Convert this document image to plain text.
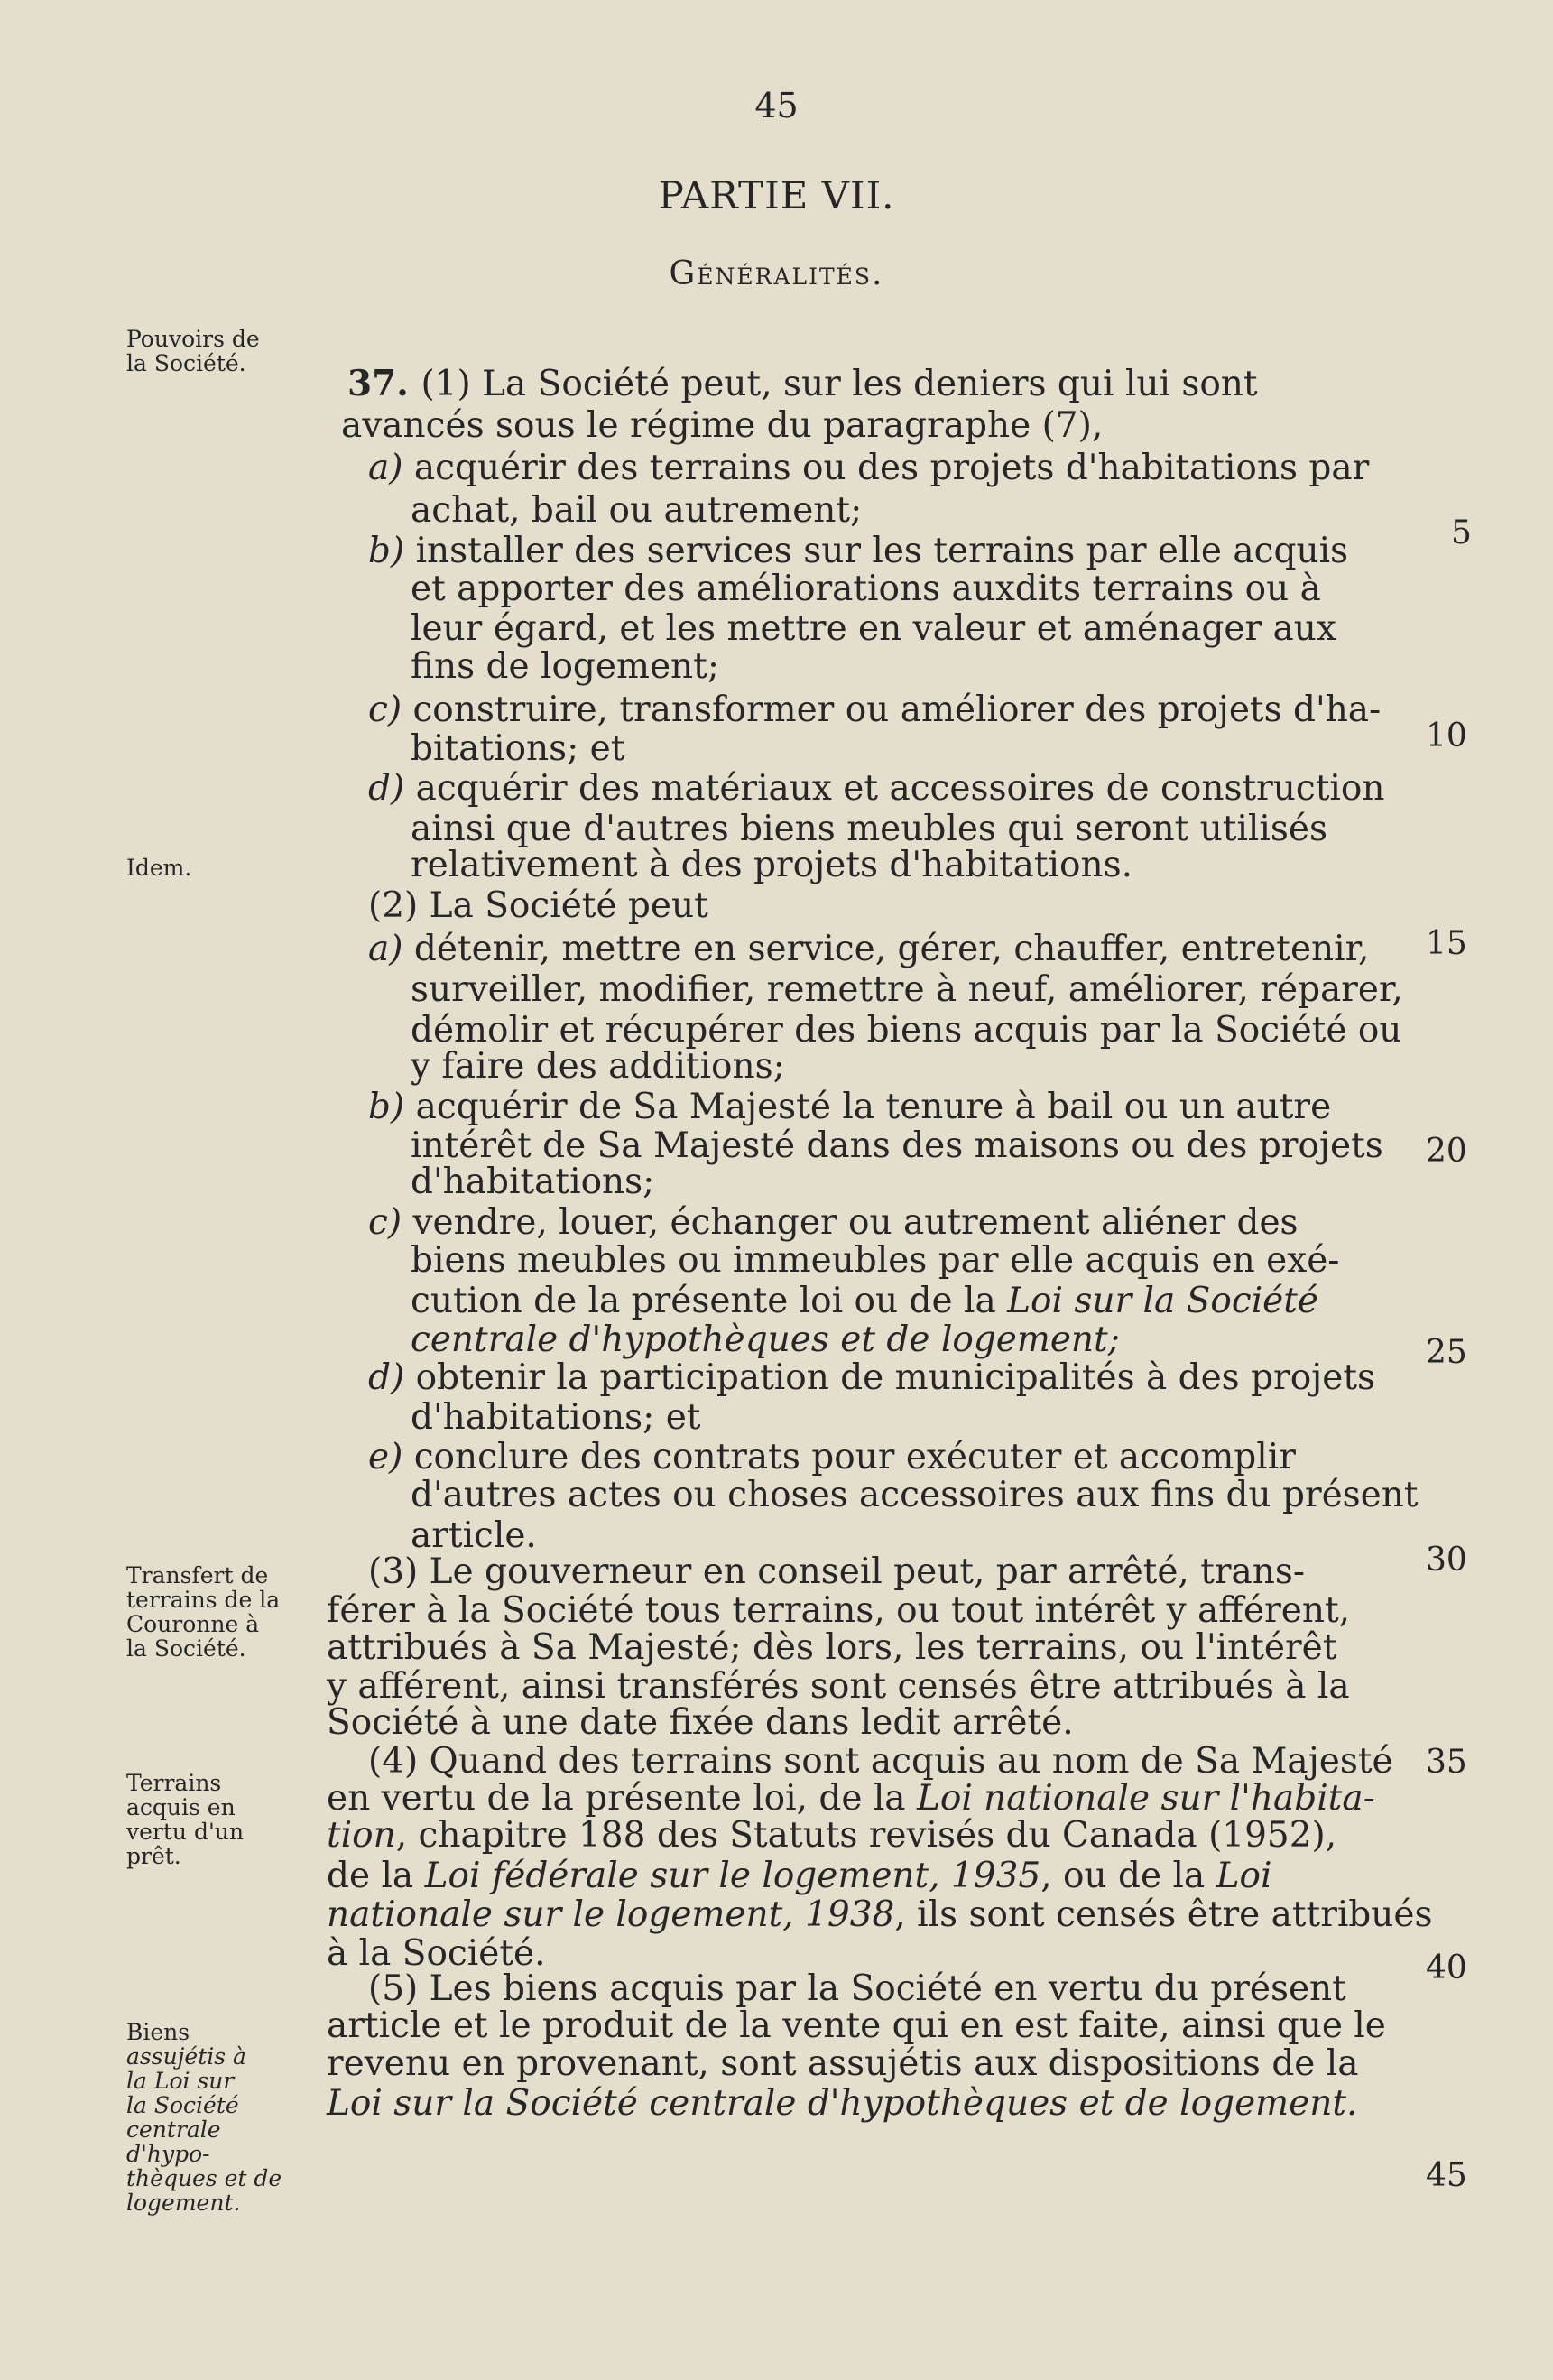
45
PARTIE VII.
Généralités.
Pouvoirs de
la Société.
Idem.
Transfert de
terrains de la
Couronne à
la Société.
Terrains
acquis en
vertu d'un
prêt.
Biens
assujétis à
la Loi sur
la Société
centrale
d'hypo-
thèques et de
logement.
37. (1) La Société peut, sur les deniers qui lui sont
avancés sous le régime du paragraphe (7),
a) acquérir des terrains ou des projets d'habitations par
achat, bail ou autrement;
b) installer des services sur les terrains par elle acquis
et apporter des améliorations auxdits terrains ou à
leur égard, et les mettre en valeur et aménager aux
fins de logement;
c) construire, transformer ou améliorer des projets d'ha-
bitations; et
d) acquérir des matériaux et accessoires de construction
ainsi que d'autres biens meubles qui seront utilisés
relativement à des projets d'habitations.
(2) La Société peut
a) détenir, mettre en service, gérer, chauffer, entretenir,
surveiller, modifier, remettre à neuf, améliorer, réparer,
démolir et récupérer des biens acquis par la Société ou
y faire des additions;
b) acquérir de Sa Majesté la tenure à bail ou un autre
intérêt de Sa Majesté dans des maisons ou des projets
d'habitations;
c) vendre, louer, échanger ou autrement aliéner des
biens meubles ou immeubles par elle acquis en exé-
cution de la présente loi ou de la Loi sur la Société
centrale d'hypothèques et de logement;
d) obtenir la participation de municipalités à des projets
d'habitations; et
e) conclure des contrats pour exécuter et accomplir
d'autres actes ou choses accessoires aux fins du présent
article.
(3) Le gouverneur en conseil peut, par arrêté, trans-
férer à la Société tous terrains, ou tout intérêt y afférent,
attribués à Sa Majesté; dès lors, les terrains, ou l'intérêt
y afférent, ainsi transférés sont censés être attribués à la
Société à une date fixée dans ledit arrêté.
(4) Quand des terrains sont acquis au nom de Sa Majesté
en vertu de la présente loi, de la Loi nationale sur l'habita-
tion, chapitre 188 des Statuts revisés du Canada (1952),
de la Loi fédérale sur le logement, 1935, ou de la Loi
nationale sur le logement, 1938, ils sont censés être attribués
à la Société.
(5) Les biens acquis par la Société en vertu du présent
article et le produit de la vente qui en est faite, ainsi que le
revenu en provenant, sont assujétis aux dispositions de la
Loi sur la Société centrale d'hypothèques et de logement.
5
10
15
20
25
30
35
40
45
